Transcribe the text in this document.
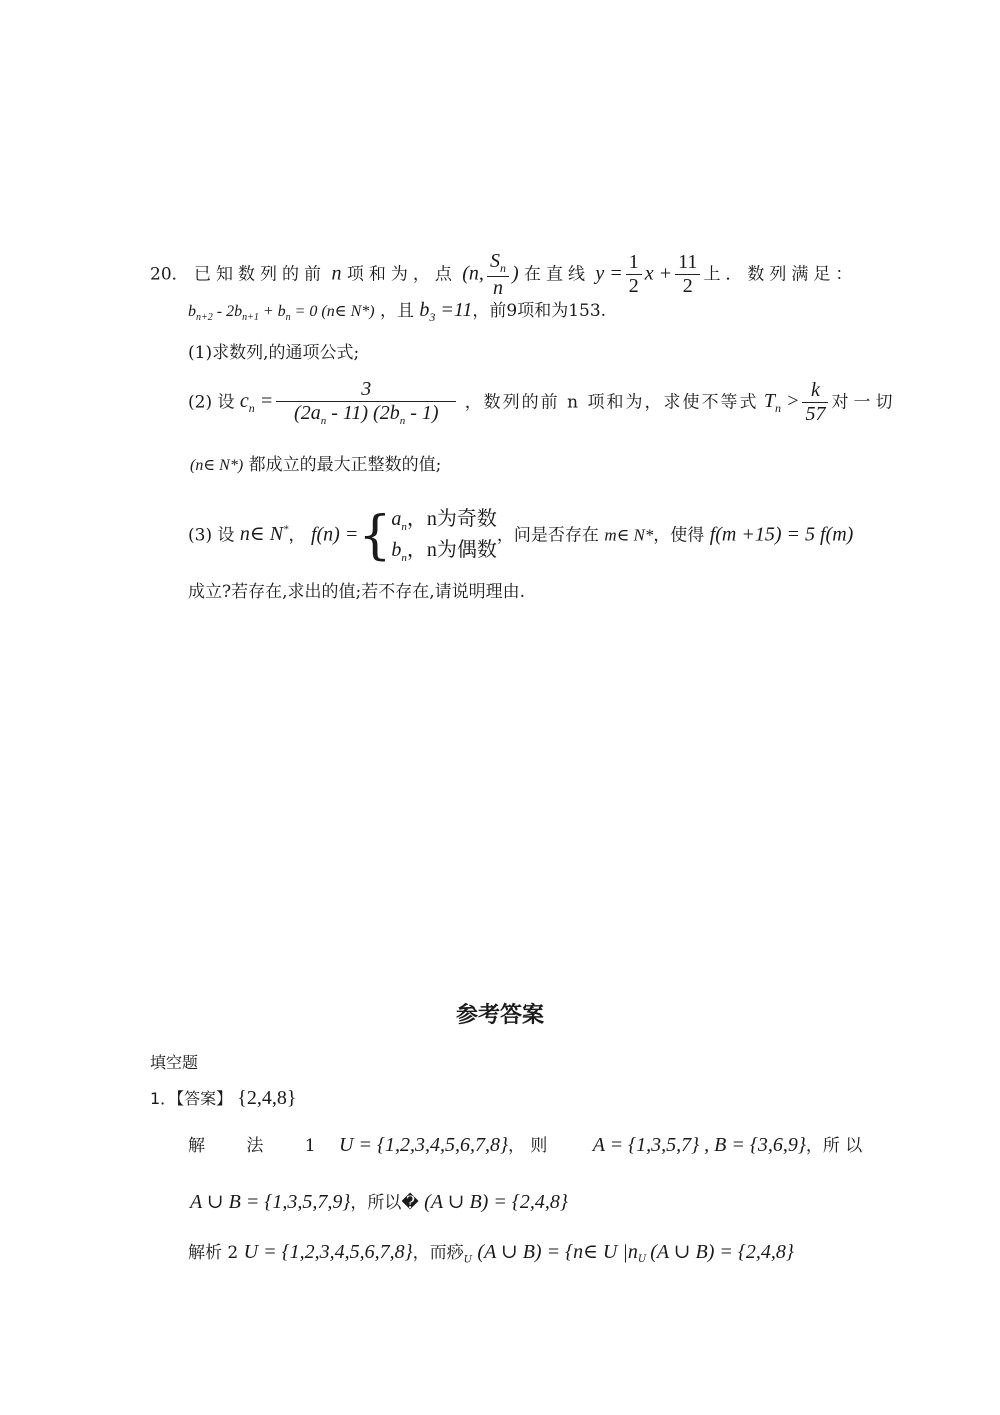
20． 已知数列的前 n 项和为，点 (n, $\frac{S_n}{n}$ ) 在直线 $y = \frac{1}{2}$ $x + \frac{11}{2}$ 上．数列满足：
$b_{n+2} - 2b_{n+1} + b_n = 0$ (n∈ N*) ，且 $b_3 =11$，前9项和为153.
(1)求数列,的通项公式;
(2) 设 $c_n = \frac{3}{(2a_n - 11) (2b_n - 1)}$ ，数列的前 n 项和为，求使不等式 $T_n > \frac{k}{57}$ 对一切
(n∈ N*) 都成立的最大正整数的值;
(3) 设 n∈ N*， f(n) ={ $a_n$，n为奇数
$b_n$，n为偶数
，问是否存在 m∈ N*，使得 f(m +15) = 5 f(m)
成立?若存在,求出的值;若不存在,请说明理由.
参考答案
填空题
1．【答案】 {2,4,8}
解 法 1 U = {1,2,3,4,5,6,7,8}， 则 A = {1,3,5,7} , B = {3,6,9}，所 以
A ∪ B = {1,3,5,7,9}，所以� (A ∪ B) = {2,4,8}
解析 2 U = {1,2,3,4,5,6,7,8}，而痧$_U$ (A ∪ B) = {n∈ U $|n_U$ (A ∪ B) = {2,4,8}
